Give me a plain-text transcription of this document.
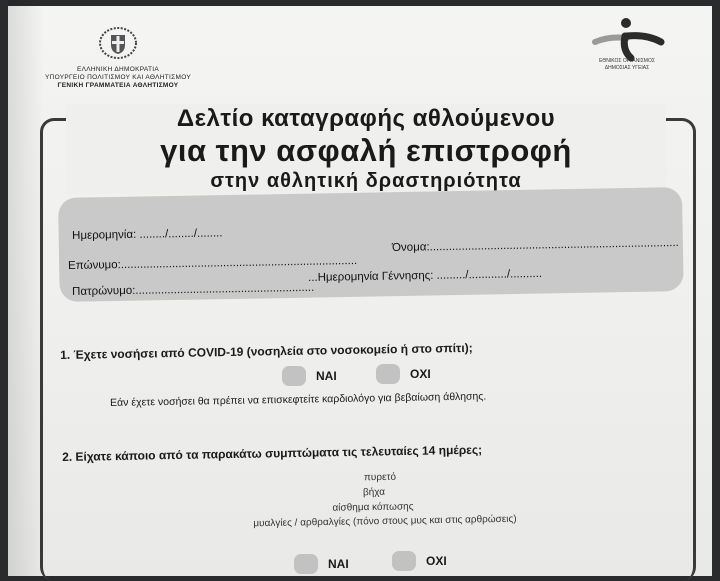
ΕΛΛΗΝΙΚΗ ΔΗΜΟΚΡΑΤΙΑ
ΥΠΟΥΡΓΕΙΟ ΠΟΛΙΤΙΣΜΟΥ ΚΑΙ ΑΘΛΗΤΙΣΜΟΥ
ΓΕΝΙΚΗ ΓΡΑΜΜΑΤΕΙΑ ΑΘΛΗΤΙΣΜΟΥ
ΕΘΝΙΚΟΣ ΟΡΓΑΝΙΣΜΟΣ
ΔΗΜΟΣΙΑΣ ΥΓΕΙΑΣ
Δελτίο καταγραφής αθλούμενου
για την ασφαλή επιστροφή
στην αθλητική δραστηριότητα
Ημερομηνία: ......../......../........
Επώνυμο:..........................................................................
Όνομα:..............................................................................
Πατρώνυμο:........................................................
...Ημερομηνία Γέννησης: ........./............/..........
1. Έχετε νοσήσει από COVID-19 (νοσηλεία στο νοσοκομείο ή στο σπίτι);
ΝΑΙ	ΟΧΙ
Εάν έχετε νοσήσει θα πρέπει να επισκεφτείτε καρδιολόγο για βεβαίωση άθλησης.
2. Είχατε κάποιο από τα παρακάτω συμπτώματα τις τελευταίες 14 ημέρες;
πυρετό
βήχα
αίσθημα κόπωσης
μυαλγίες / αρθραλγίες (πόνο στους μυς και στις αρθρώσεις)
ΝΑΙ	ΟΧΙ
